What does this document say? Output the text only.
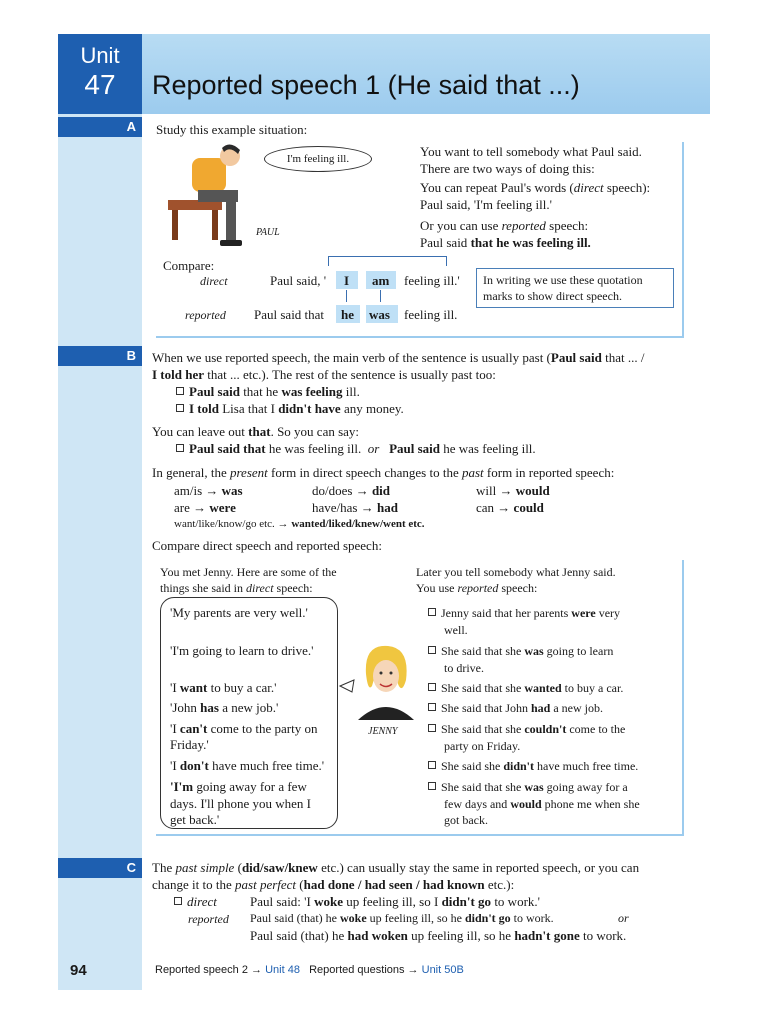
Unit
47	Reported speech 1 (He said that ...)
A	Study this example situation:
PAUL
I'm feeling ill.	You want to tell somebody what Paul said.
There are two ways of doing this:
You can repeat Paul's words (direct speech):
Paul said, 'I'm feeling ill.'
Or you can use reported speech:
Paul said that he was feeling ill.
Compare:
direct	Paul said, ' I am feeling ill.'
reported Paul said that he was feeling ill.
In writing we use these quotation marks to show direct speech.
B	When we use reported speech, the main verb of the sentence is usually past (Paul said that ... /
I told her that ... etc.). The rest of the sentence is usually past too:
Paul said that he was feeling ill.
I told Lisa that I didn't have any money.
You can leave out that. So you can say:
Paul said that he was feeling ill. or Paul said he was feeling ill.
In general, the present form in direct speech changes to the past form in reported speech:
am/is → was	do/does → did	will → would
are → were	have/has → had	can → could
want/like/know/go etc. → wanted/liked/knew/went etc.
Compare direct speech and reported speech:
You met Jenny. Here are some of the
things she said in direct speech:
Later you tell somebody what Jenny said.
You use reported speech:
'My parents are very well.'
'I'm going to learn to drive.'
'I want to buy a car.'
'John has a new job.'
'I can't come to the party on
Friday.'
'I don't have much free time.'
'I'm going away for a few
days. I'll phone you when I
get back.'
JENNY
Jenny said that her parents were very
well.
She said that she was going to learn
to drive.
She said that she wanted to buy a car.
She said that John had a new job.
She said that she couldn't come to the
party on Friday.
She said she didn't have much free time.
She said that she was going away for a
few days and would phone me when she
got back.
C	The past simple (did/saw/knew etc.) can usually stay the same in reported speech, or you can
change it to the past perfect (had done / had seen / had known etc.):
direct	Paul said: 'I woke up feeling ill, so I didn't go to work.'
reported Paul said (that) he woke up feeling ill, so he didn't go to work.	or
Paul said (that) he had woken up feeling ill, so he hadn't gone to work.
94	Reported speech 2 → Unit 48 Reported questions → Unit 50B
